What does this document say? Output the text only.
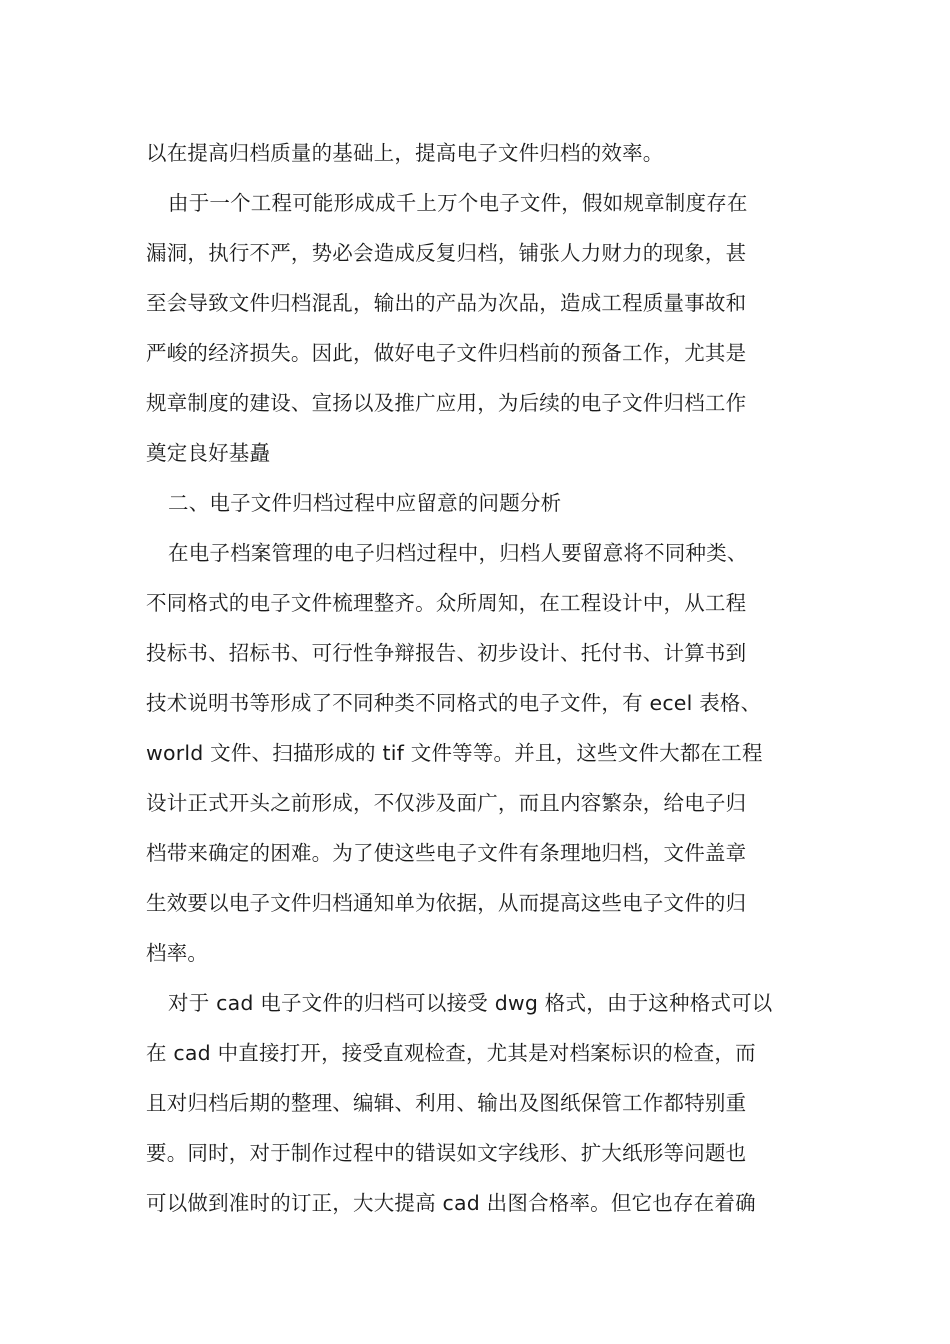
以在提高归档质量的基础上，提高电子文件归档的效率。
由于一个工程可能形成成千上万个电子文件，假如规章制度存在
漏洞，执行不严，势必会造成反复归档，铺张人力财力的现象，甚
至会导致文件归档混乱，输出的产品为次品，造成工程质量事故和
严峻的经济损失。因此，做好电子文件归档前的预备工作，尤其是
规章制度的建设、宣扬以及推广应用，为后续的电子文件归档工作
奠定良好基矗
二、电子文件归档过程中应留意的问题分析
在电子档案管理的电子归档过程中，归档人要留意将不同种类、
不同格式的电子文件梳理整齐。众所周知，在工程设计中，从工程
投标书、招标书、可行性争辩报告、初步设计、托付书、计算书到
技术说明书等形成了不同种类不同格式的电子文件，有 ecel 表格、
world 文件、扫描形成的 tif 文件等等。并且，这些文件大都在工程
设计正式开头之前形成，不仅涉及面广，而且内容繁杂，给电子归
档带来确定的困难。为了使这些电子文件有条理地归档，文件盖章
生效要以电子文件归档通知单为依据，从而提高这些电子文件的归
档率。
对于 cad 电子文件的归档可以接受 dwg 格式，由于这种格式可以
在 cad 中直接打开，接受直观检查，尤其是对档案标识的检查，而
且对归档后期的整理、编辑、利用、输出及图纸保管工作都特别重
要。同时，对于制作过程中的错误如文字线形、扩大纸形等问题也
可以做到准时的订正，大大提高 cad 出图合格率。但它也存在着确
